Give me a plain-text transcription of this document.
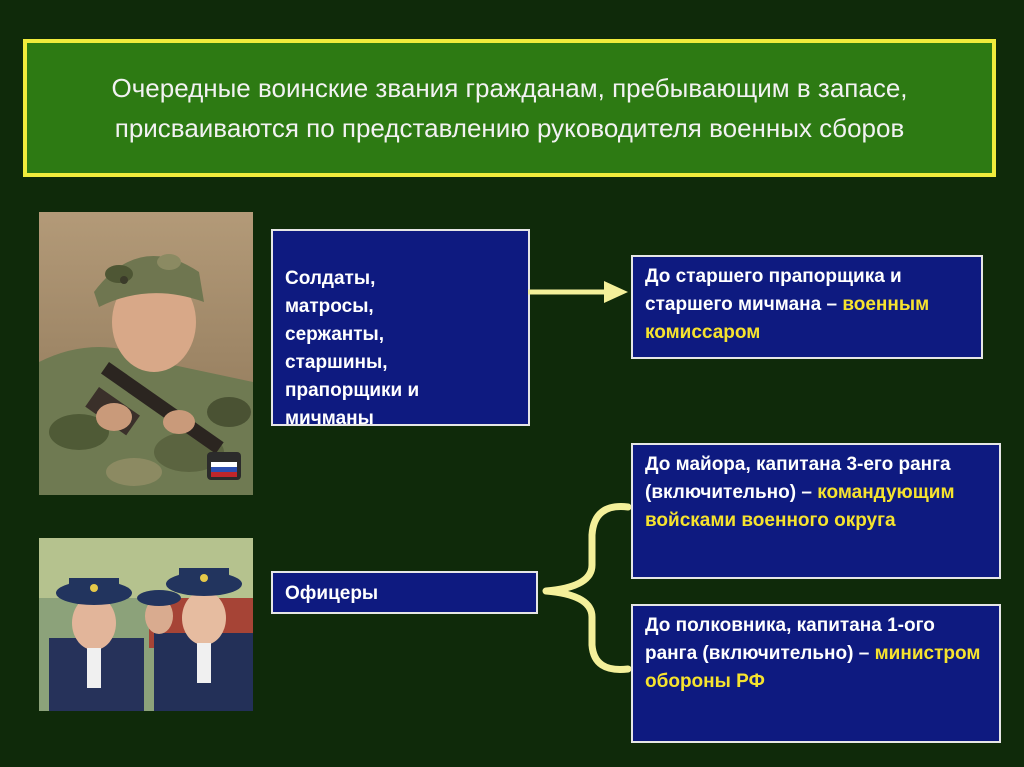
Очередные воинские звания гражданам, пребывающим в запасе, присваиваются по представлению руководителя военных сборов

Солдаты,
матросы,
сержанты,
старшины,
прапорщики и
мичманы

Офицеры
До старшего прапорщика и старшего мичмана – военным комиссаром
До майора, капитана 3-его ранга (включительно) – командующим войсками военного округа
До полковника, капитана 1-ого ранга (включительно) – министром обороны РФ
